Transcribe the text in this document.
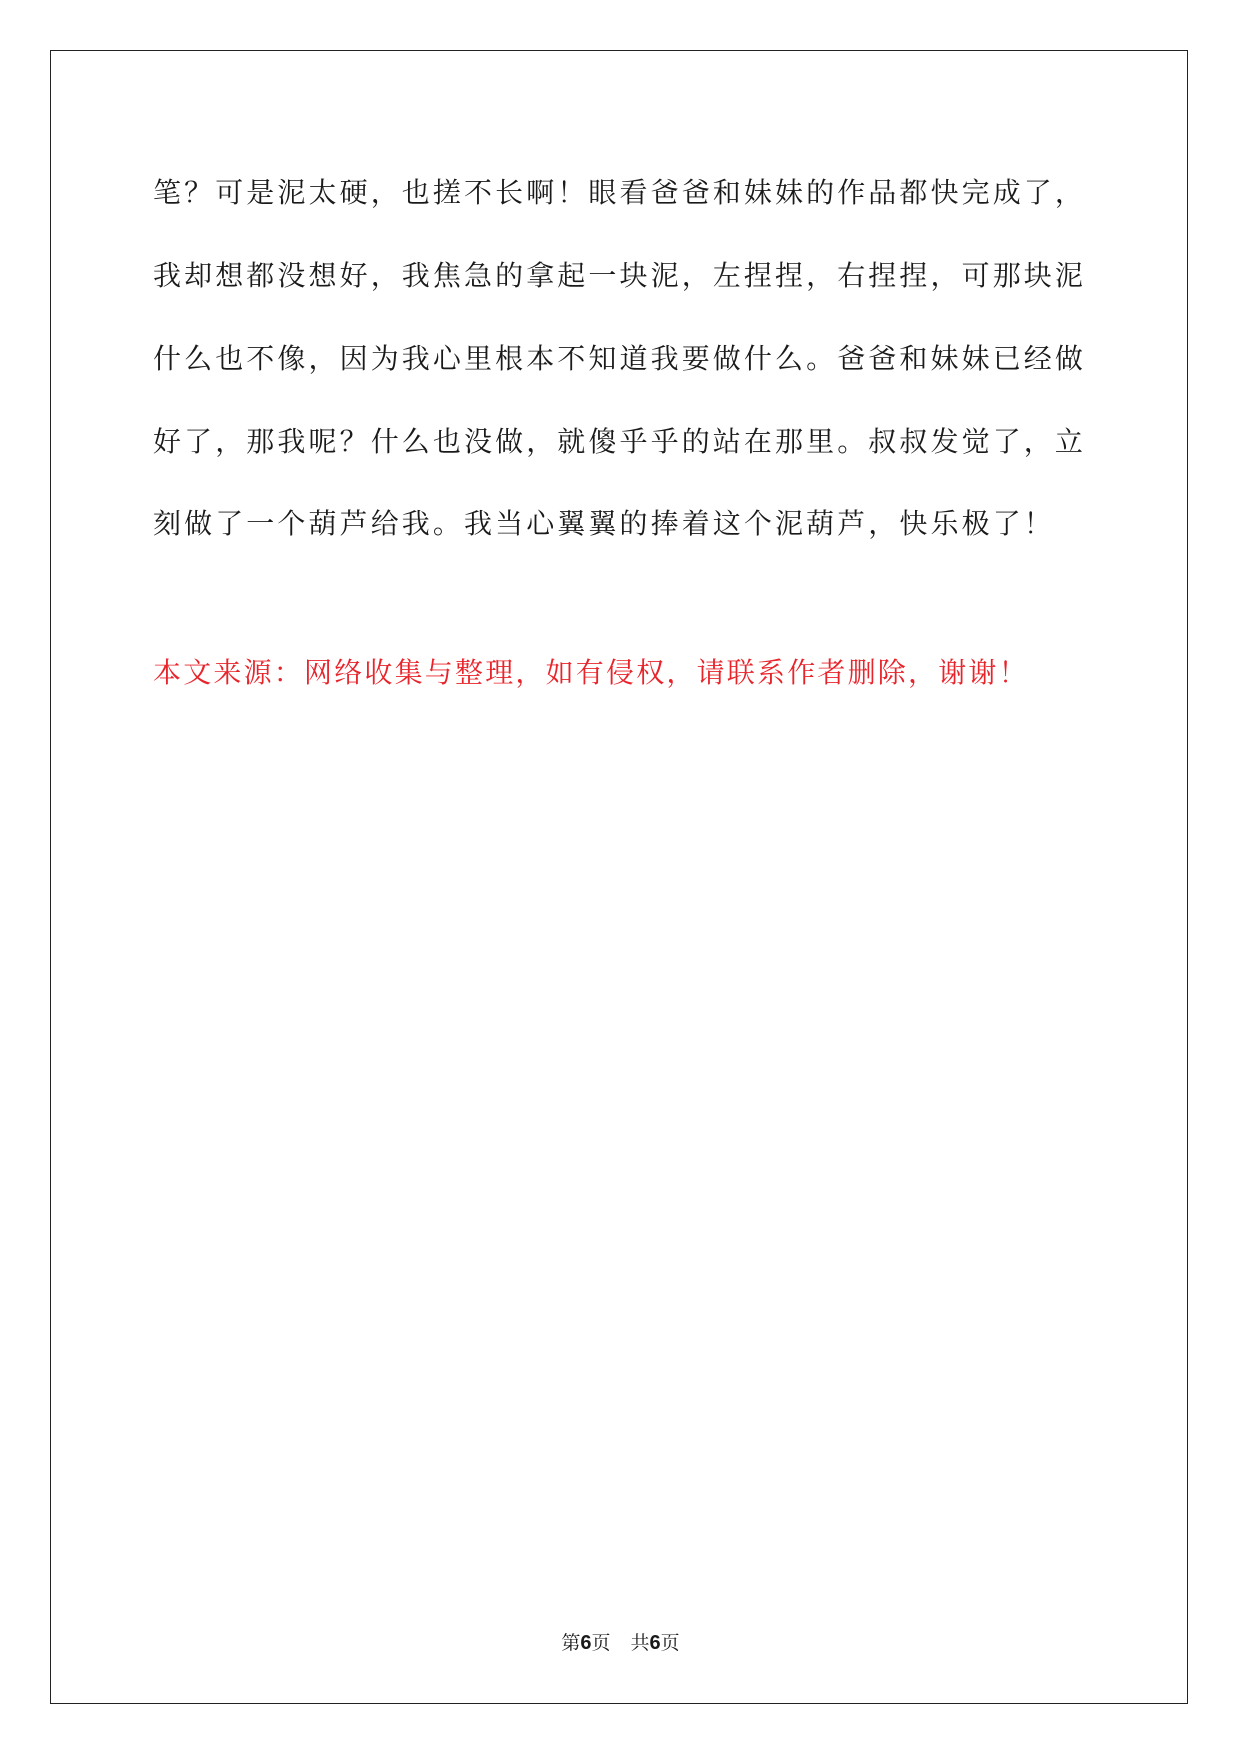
笔？可是泥太硬，也搓不长啊！眼看爸爸和妹妹的作品都快完成了，
我却想都没想好，我焦急的拿起一块泥，左捏捏，右捏捏，可那块泥
什么也不像，因为我心里根本不知道我要做什么。爸爸和妹妹已经做
好了，那我呢？什么也没做，就傻乎乎的站在那里。叔叔发觉了，立
刻做了一个葫芦给我。我当心翼翼的捧着这个泥葫芦，快乐极了！
本文来源：网络收集与整理，如有侵权，请联系作者删除，谢谢！
第6页 共6页
